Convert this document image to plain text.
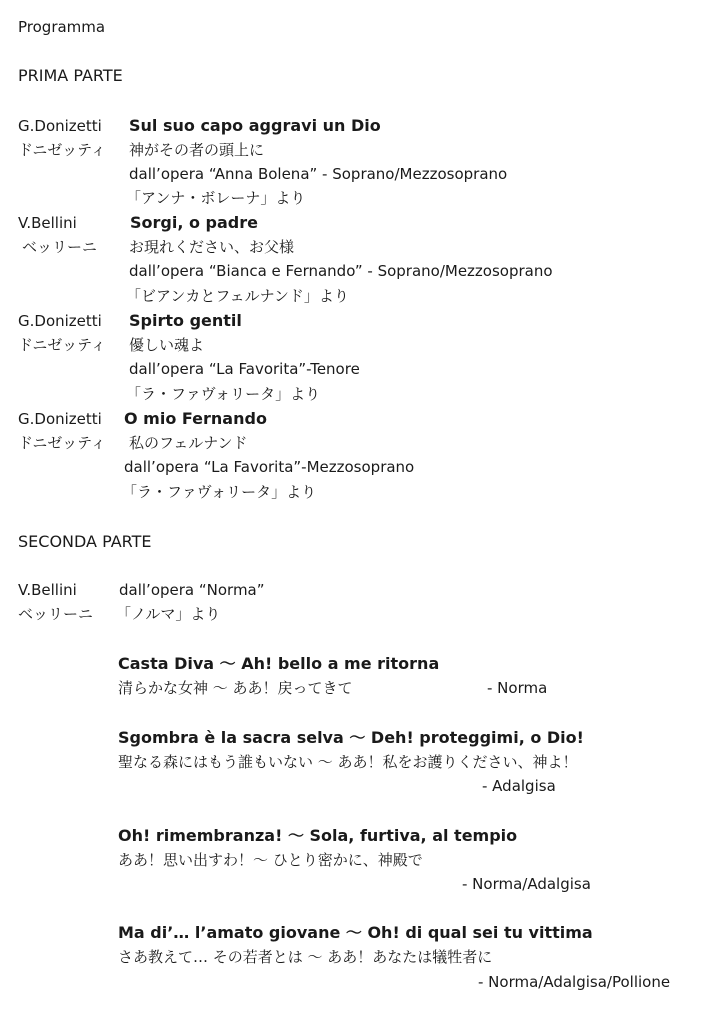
Programma
PRIMA PARTE
G.Donizetti Sul suo capo aggravi un Dio
ドニゼッティ 神がその者の頭上に
dall’opera “Anna Bolena” - Soprano/Mezzosoprano
「アンナ・ボレーナ」より
V.Bellini	Sorgi, o padre
ベッリーニ お現れください、お父様
dall’opera “Bianca e Fernando” - Soprano/Mezzosoprano
「ビアンカとフェルナンド」より
G.Donizetti Spirto gentil
ドニゼッティ 優しい魂よ
dall’opera “La Favorita”-Tenore
「ラ・ファヴォリータ」より
G.Donizetti O mio Fernando
ドニゼッティ 私のフェルナンド
dall’opera “La Favorita”-Mezzosoprano
「ラ・ファヴォリータ」より
SECONDA PARTE
V.Bellini	dall’opera “Norma”
ベッリーニ 「ノルマ」より
Casta Diva 〜 Ah! bello a me ritorna
清らかな女神 〜 ああ！戻ってきて	- Norma
Sgombra è la sacra selva 〜 Deh! proteggimi, o Dio!
聖なる森にはもう誰もいない 〜 ああ！私をお護りください、神よ！
- Adalgisa
Oh! rimembranza! 〜 Sola, furtiva, al tempio
ああ！思い出すわ！〜 ひとり密かに、神殿で
- Norma/Adalgisa
Ma di’… l’amato giovane 〜 Oh! di qual sei tu vittima
さあ教えて… その若者とは 〜 ああ！あなたは犠牲者に
- Norma/Adalgisa/Pollione
